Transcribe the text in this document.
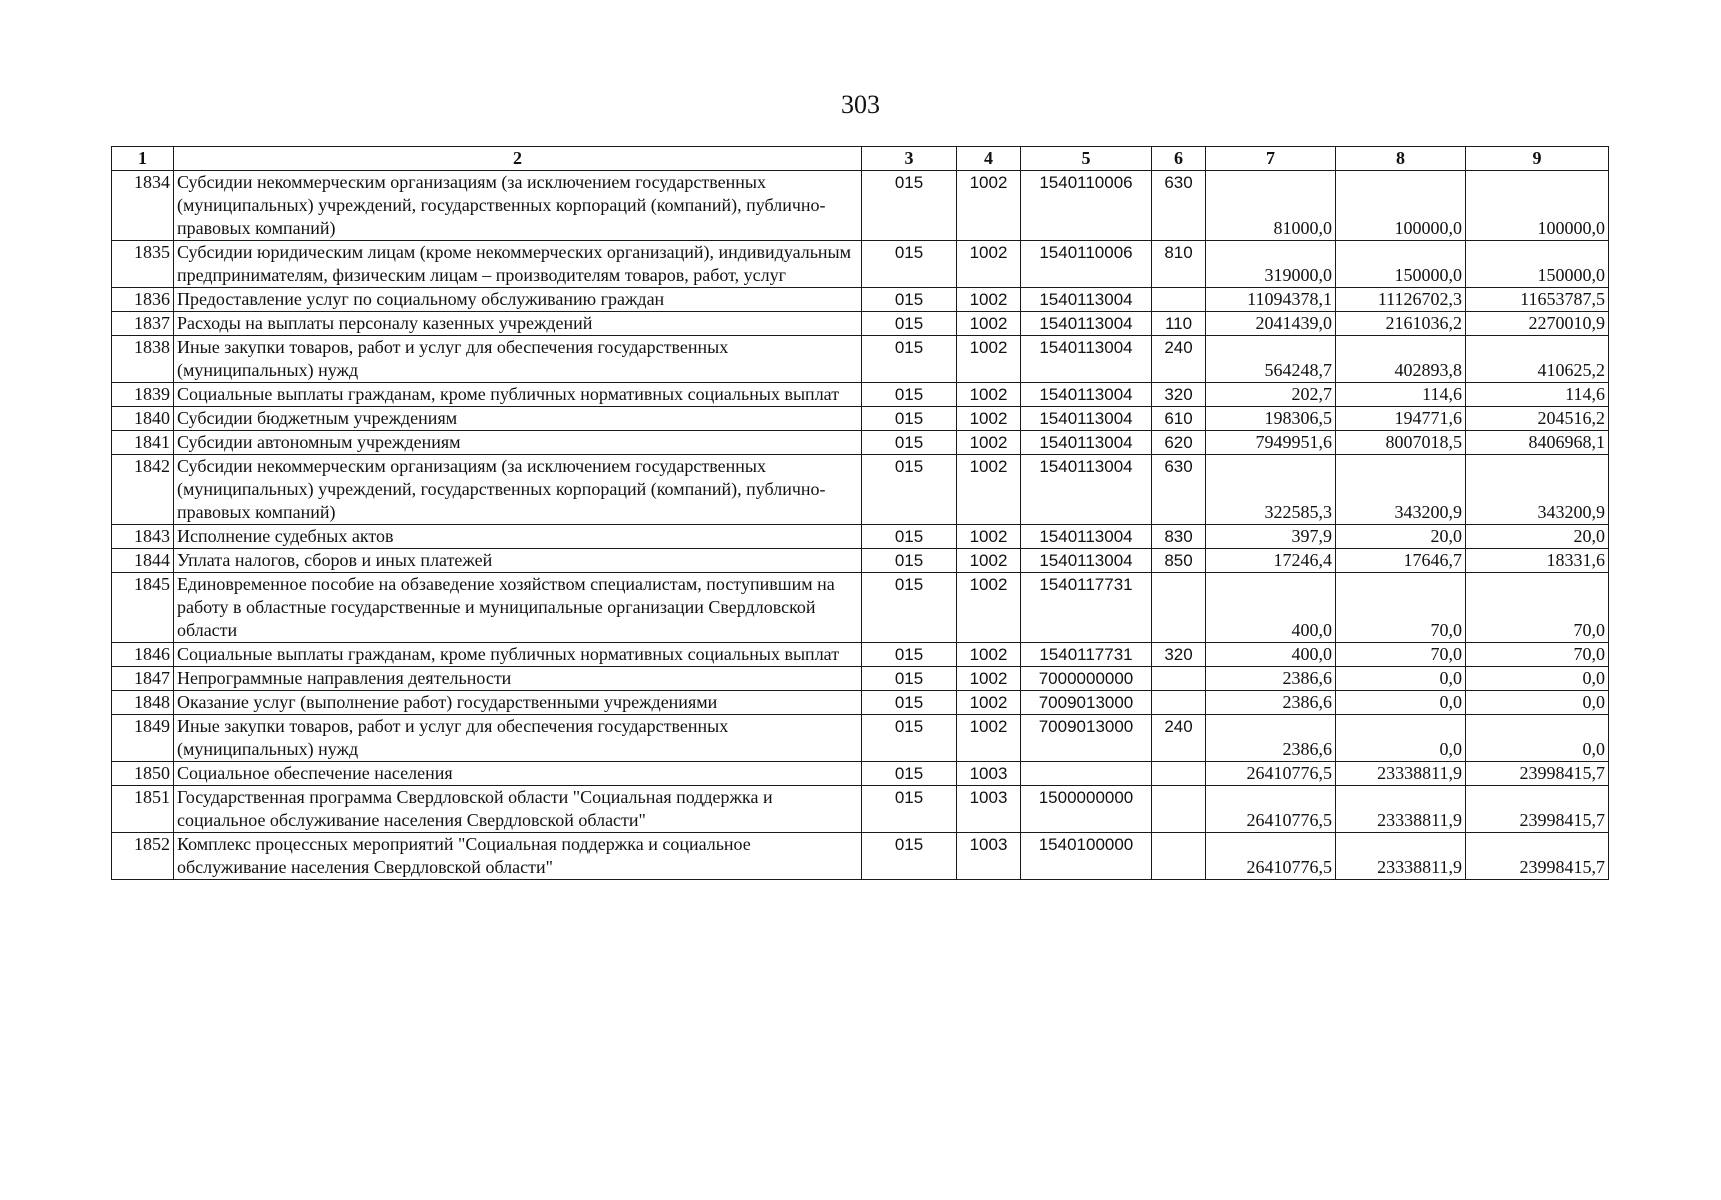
303
1	2	3	4	5	6	7	8	9
1834	Субсидии некоммерческим организациям (за исключением государственных (муниципальных) учреждений, государственных корпораций (компаний), публично-правовых компаний)	015	1002	1540110006	630	81000,0	100000,0	100000,0
1835	Субсидии юридическим лицам (кроме некоммерческих организаций), индивидуальным предпринимателям, физическим лицам – производителям товаров, работ, услуг	015	1002	1540110006	810	319000,0	150000,0	150000,0
1836	Предоставление услуг по социальному обслуживанию граждан	015	1002	1540113004		11094378,1	11126702,3	11653787,5
1837	Расходы на выплаты персоналу казенных учреждений	015	1002	1540113004	110	2041439,0	2161036,2	2270010,9
1838	Иные закупки товаров, работ и услуг для обеспечения государственных (муниципальных) нужд	015	1002	1540113004	240	564248,7	402893,8	410625,2
1839	Социальные выплаты гражданам, кроме публичных нормативных социальных выплат	015	1002	1540113004	320	202,7	114,6	114,6
1840	Субсидии бюджетным учреждениям	015	1002	1540113004	610	198306,5	194771,6	204516,2
1841	Субсидии автономным учреждениям	015	1002	1540113004	620	7949951,6	8007018,5	8406968,1
1842	Субсидии некоммерческим организациям (за исключением государственных (муниципальных) учреждений, государственных корпораций (компаний), публично-правовых компаний)	015	1002	1540113004	630	322585,3	343200,9	343200,9
1843	Исполнение судебных актов	015	1002	1540113004	830	397,9	20,0	20,0
1844	Уплата налогов, сборов и иных платежей	015	1002	1540113004	850	17246,4	17646,7	18331,6
1845	Единовременное пособие на обзаведение хозяйством специалистам, поступившим на работу в областные государственные и муниципальные организации Свердловской области	015	1002	1540117731		400,0	70,0	70,0
1846	Социальные выплаты гражданам, кроме публичных нормативных социальных выплат	015	1002	1540117731	320	400,0	70,0	70,0
1847	Непрограммные направления деятельности	015	1002	7000000000		2386,6	0,0	0,0
1848	Оказание услуг (выполнение работ) государственными учреждениями	015	1002	7009013000		2386,6	0,0	0,0
1849	Иные закупки товаров, работ и услуг для обеспечения государственных (муниципальных) нужд	015	1002	7009013000	240	2386,6	0,0	0,0
1850	Социальное обеспечение населения	015	1003			26410776,5	23338811,9	23998415,7
1851	Государственная программа Свердловской области "Социальная поддержка и социальное обслуживание населения Свердловской области"	015	1003	1500000000		26410776,5	23338811,9	23998415,7
1852	Комплекс процессных мероприятий "Социальная поддержка и социальное обслуживание населения Свердловской области"	015	1003	1540100000		26410776,5	23338811,9	23998415,7
